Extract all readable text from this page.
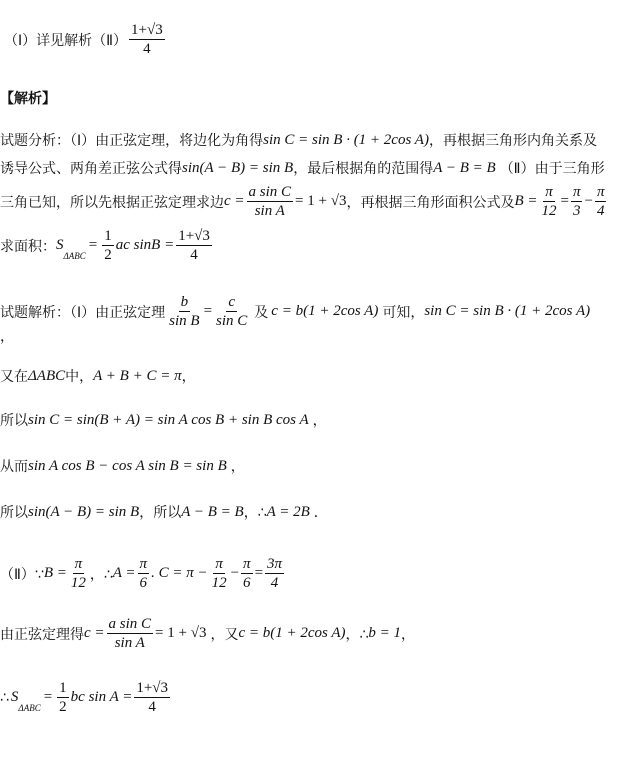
（Ⅰ）详见解析（Ⅱ） $\frac{1+√3}{4}$
【解析】
试题分析：（Ⅰ）由正弦定理，将边化为角得 sin C = sin B · (1 + 2cos A) ，再根据三角形内角关系及
诱导公式、两角差正弦公式得 sin(A − B) = sin B ，最后根据角的范围得 A − B = B （Ⅱ）由于三角形
三角已知，所以先根据正弦定理求边 $c = \frac{\text{a sin C}}{\text{sin A}} = 1 + √3$ ，再根据三角形面积公式及 $B = \frac{\pi}{12} = \frac{\pi}{3} - \frac{\pi}{4}$
求面积： S
ΔABC
= $\frac{1}{2}$ ac $\sin B = \frac{1+√3}{4}$
试题解析：（Ⅰ）由正弦定理 $\frac{b}{\text{sin B}} = \frac{c}{\text{sin C}}$ 及 c = b(1 + 2cos A) 可知， sin C = sin B · (1 + 2cos A)
，
又在 ΔABC 中， A + B + C = π ，
所以 sin C = sin(B + A) = sin A cos B + sin B cos A ，
从而 sin A cos B − cos A sin B = sin B ，
所以 sin(A − B) = sin B ，所以 A − B = B ，∴ A = 2B ．
（Ⅱ）∵ $B = \frac{\pi}{12}$ ，∴ $A = \frac{\pi}{6}$ . $C = \pi - \frac{\pi}{12} - \frac{\pi}{6} = \frac{3\pi}{4}$
由正弦定理得 $c = \frac{\text{a sin C}}{\text{sin A}} = 1 + √3$ ，又 c = b(1 + 2cos A) ，∴ b = 1 ，
∴ S
ΔABC
= $\frac{1}{2}$ bc $\sin A = \frac{1+√3}{4}$
